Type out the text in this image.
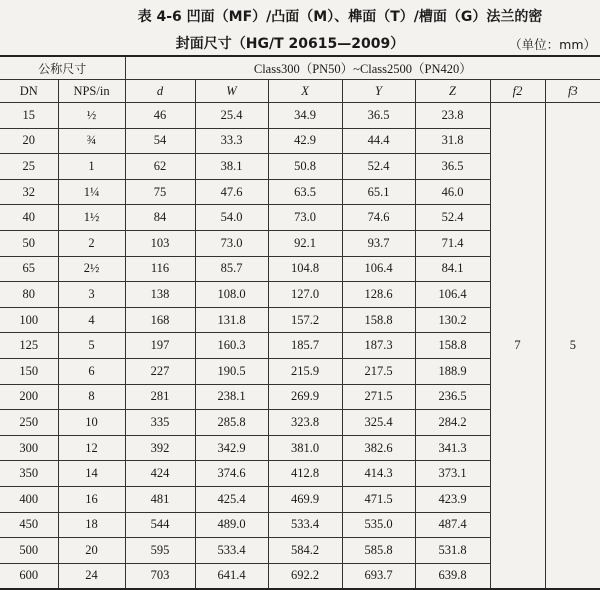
表 4-6 凹面（MF）/凸面（M）、榫面（T）/槽面（G）法兰的密
封面尺寸（HG/T 20615—2009）	（单位：mm）
公称尺寸		Class300（PN50）~Class2500（PN420）						
DN	NPS/in	d	W	X	Y	Z	f2	f3
15	½	46	25.4	34.9	36.5	23.8	7	5
20	¾	54	33.3	42.9	44.4	31.8		
25	1	62	38.1	50.8	52.4	36.5		
32	1¼	75	47.6	63.5	65.1	46.0		
40	1½	84	54.0	73.0	74.6	52.4		
50	2	103	73.0	92.1	93.7	71.4		
65	2½	116	85.7	104.8	106.4	84.1		
80	3	138	108.0	127.0	128.6	106.4		
100	4	168	131.8	157.2	158.8	130.2		
125	5	197	160.3	185.7	187.3	158.8		
150	6	227	190.5	215.9	217.5	188.9		
200	8	281	238.1	269.9	271.5	236.5		
250	10	335	285.8	323.8	325.4	284.2		
300	12	392	342.9	381.0	382.6	341.3		
350	14	424	374.6	412.8	414.3	373.1		
400	16	481	425.4	469.9	471.5	423.9		
450	18	544	489.0	533.4	535.0	487.4		
500	20	595	533.4	584.2	585.8	531.8		
600	24	703	641.4	692.2	693.7	639.8		
